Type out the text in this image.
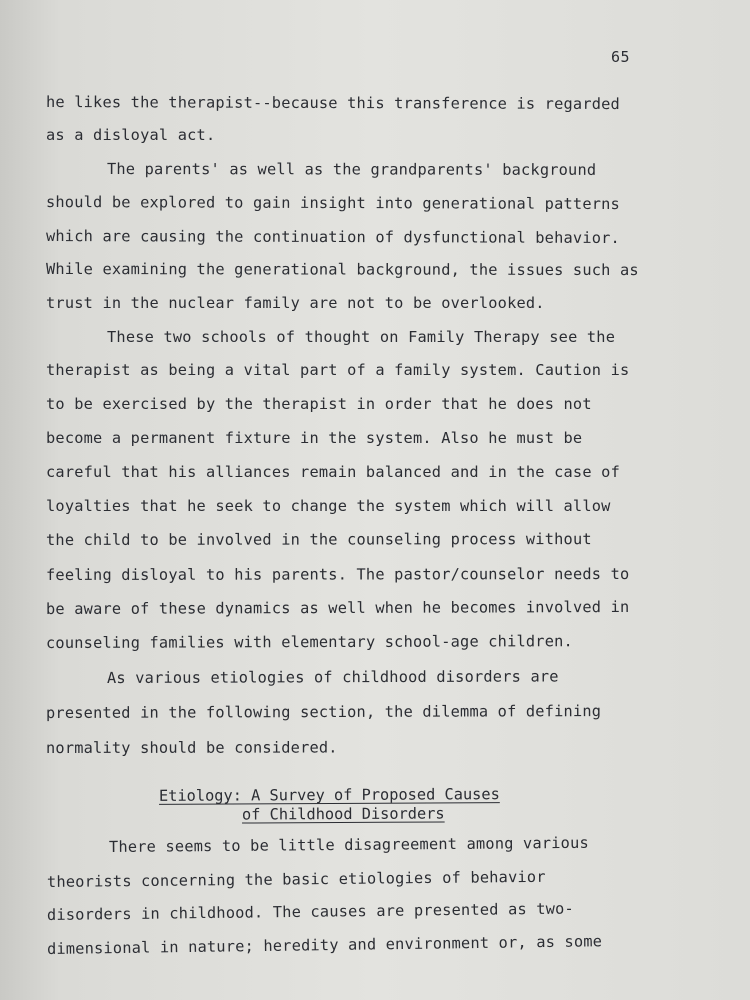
65
he likes the therapist--because this transference is regarded
as a disloyal act.
The parents' as well as the grandparents' background
should be explored to gain insight into generational patterns
which are causing the continuation of dysfunctional behavior.
While examining the generational background, the issues such as
trust in the nuclear family are not to be overlooked.
These two schools of thought on Family Therapy see the
therapist as being a vital part of a family system. Caution is
to be exercised by the therapist in order that he does not
become a permanent fixture in the system. Also he must be
careful that his alliances remain balanced and in the case of
loyalties that he seek to change the system which will allow
the child to be involved in the counseling process without
feeling disloyal to his parents. The pastor/counselor needs to
be aware of these dynamics as well when he becomes involved in
counseling families with elementary school-age children.
As various etiologies of childhood disorders are
presented in the following section, the dilemma of defining
normality should be considered.
Etiology: A Survey of Proposed Causes
of Childhood Disorders
There seems to be little disagreement among various
theorists concerning the basic etiologies of behavior
disorders in childhood. The causes are presented as two-
dimensional in nature; heredity and environment or, as some
